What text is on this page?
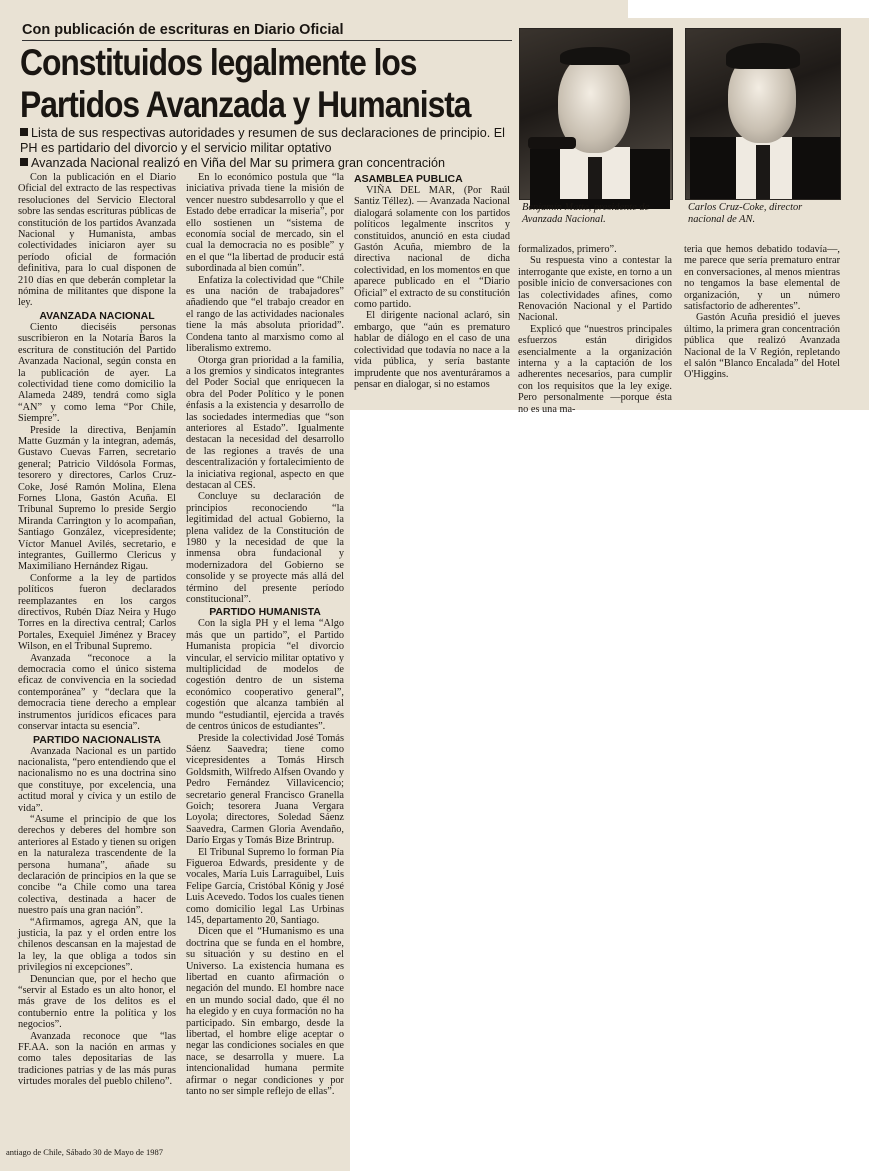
Con publicación de escrituras en Diario Oficial

Constituidos legalmente los
Partidos Avanzada y Humanista

Lista de sus respectivas autoridades y resumen de sus declaraciones de principio. El PH es partidario del divorcio y el servicio militar optativo

Avanzada Nacional realizó en Viña del Mar su primera gran concentración

Con la publicación en el Diario Oficial del extracto de las respectivas resoluciones del Servicio Electoral sobre las sendas escrituras públicas de constitución de los partidos Avanzada Nacional y Humanista, ambas colectividades iniciaron ayer su período oficial de formación definitiva, para lo cual disponen de 210 días en que deberán completar la nómina de militantes que dispone la ley.

AVANZADA NACIONAL

Ciento dieciséis personas suscribieron en la Notaría Baros la escritura de constitución del Partido Avanzada Nacional, según consta en la publicación de ayer. La colectividad tiene como domicilio la Alameda 2489, tendrá como sigla “AN” y como lema “Por Chile, Siempre”.

Preside la directiva, Benjamín Matte Guzmán y la integran, además, Gustavo Cuevas Farren, secretario general; Patricio Vildósola Formas, tesorero y directores, Carlos Cruz-Coke, José Ramón Molina, Elena Fornes Llona, Gastón Acuña. El Tribunal Supremo lo preside Sergio Miranda Carrington y lo acompañan, Santiago González, vicepresidente; Víctor Manuel Avilés, secretario, e integrantes, Guillermo Clericus y Maximiliano Hernández Rigau.

Conforme a la ley de partidos políticos fueron declarados reemplazantes en los cargos directivos, Rubén Díaz Neira y Hugo Torres en la directiva central; Carlos Portales, Exequiel Jiménez y Bracey Wilson, en el Tribunal Supremo.

Avanzada “reconoce a la democracia como el único sistema eficaz de convivencia en la sociedad contemporánea” y “declara que la democracia tiene derecho a emplear instrumentos jurídicos eficaces para conservar intacta su esencia”.

PARTIDO NACIONALISTA

Avanzada Nacional es un partido nacionalista, “pero entendiendo que el nacionalismo no es una doctrina sino que constituye, por excelencia, una actitud moral y cívica y un estilo de vida”.

“Asume el principio de que los derechos y deberes del hombre son anteriores al Estado y tienen su origen en la naturaleza trascendente de la persona humana”, añade su declaración de principios en la que se concibe “a Chile como una tarea colectiva, destinada a hacer de nuestro país una gran nación”.

“Afirmamos, agrega AN, que la justicia, la paz y el orden entre los chilenos descansan en la majestad de la ley, la que obliga a todos sin privilegios ni excepciones”.

Denuncian que, por el hecho que “servir al Estado es un alto honor, el más grave de los delitos es el contubernio entre la política y los negocios”.

Avanzada reconoce que “las FF.AA. son la nación en armas y como tales depositarias de las tradiciones patrias y de las más puras virtudes morales del pueblo chileno”.

En lo económico postula que “la iniciativa privada tiene la misión de vencer nuestro subdesarrollo y que el Estado debe erradicar la miseria”, por ello sostienen un “sistema de economía social de mercado, sin el cual la democracia no es posible” y en el que “la libertad de producir está subordinada al bien común”.

Enfatiza la colectividad que “Chile es una nación de trabajadores” añadiendo que “el trabajo creador en el rango de las actividades nacionales tiene la más absoluta prioridad”. Condena tanto al marxismo como al liberalismo extremo.

Otorga gran prioridad a la familia, a los gremios y sindicatos integrantes del Poder Social que enriquecen la obra del Poder Político y le ponen énfasis a la existencia y desarrollo de las sociedades intermedias que “son anteriores al Estado”. Igualmente destacan la necesidad del desarrollo de las regiones a través de una descentralización y fortalecimiento de la iniciativa regional, aspecto en que destacan al CES.

Concluye su declaración de principios reconociendo “la legitimidad del actual Gobierno, la plena validez de la Constitución de 1980 y la necesidad de que la inmensa obra fundacional y modernizadora del Gobierno se consolide y se proyecte más allá del término del presente período constitucional”.

PARTIDO HUMANISTA

Con la sigla PH y el lema “Algo más que un partido”, el Partido Humanista propicia “el divorcio vincular, el servicio militar optativo y multiplicidad de modelos de cogestión dentro de un sistema económico cooperativo general”, cogestión que alcanza también al mundo “estudiantil, ejercida a través de centros únicos de estudiantes”.

Preside la colectividad José Tomás Sáenz Saavedra; tiene como vicepresidentes a Tomás Hirsch Goldsmith, Wilfredo Alfsen Ovando y Pedro Fernández Villavicencio; secretario general Francisco Granella Goich; tesorera Juana Vergara Loyola; directores, Soledad Sáenz Saavedra, Carmen Gloria Avendaño, Darío Ergas y Tomás Bize Brintrup.

El Tribunal Supremo lo forman Pía Figueroa Edwards, presidente y de vocales, María Luis Larraguibel, Luis Felipe García, Cristóbal König y José Luis Acevedo. Todos los cuales tienen como domicilio legal Las Urbinas 145, departamento 20, Santiago.

Dicen que el “Humanismo es una doctrina que se funda en el hombre, su situación y su destino en el Universo. La existencia humana es libertad en cuanto afirmación o negación del mundo. El hombre nace en un mundo social dado, que él no ha elegido y en cuya formación no ha participado. Sin embargo, desde la libertad, el hombre elige aceptar o negar las condiciones sociales en que nace, se desarrolla y muere. La intencionalidad humana permite afirmar o negar condiciones y por tanto no ser simple reflejo de ellas”.

ASAMBLEA PUBLICA

VIÑA DEL MAR, (Por Raúl Santiz Téllez). — Avanzada Nacional dialogará solamente con los partidos políticos legalmente inscritos y constituidos, anunció en esta ciudad Gastón Acuña, miembro de la directiva nacional de dicha colectividad, en los momentos en que aparece publicado en el “Diario Oficial” el extracto de su constitución como partido.

El dirigente nacional aclaró, sin embargo, que “aún es prematuro hablar de diálogo en el caso de una colectividad que todavía no nace a la vida pública, y sería bastante imprudente que nos aventuráramos a pensar en dialogar, si no estamos

Benjamín Matte, presidente de Avanzada Nacional.

Carlos Cruz-Coke, director nacional de AN.

formalizados, primero”.

Su respuesta vino a contestar la interrogante que existe, en torno a un posible inicio de conversaciones con las colectividades afines, como Renovación Nacional y el Partido Nacional.

Explicó que “nuestros principales esfuerzos están dirigidos esencialmente a la organización interna y a la captación de los adherentes necesarios, para cumplir con los requisitos que la ley exige. Pero personalmente —porque ésta no es una ma-

teria que hemos debatido todavía—, me parece que sería prematuro entrar en conversaciones, al menos mientras no tengamos la base elemental de organización, y un número satisfactorio de adherentes”.

Gastón Acuña presidió el jueves último, la primera gran concentración pública que realizó Avanzada Nacional de la V Región, repletando el salón “Blanco Encalada” del Hotel O'Higgins.

antiago de Chile, Sábado 30 de Mayo de 1987
